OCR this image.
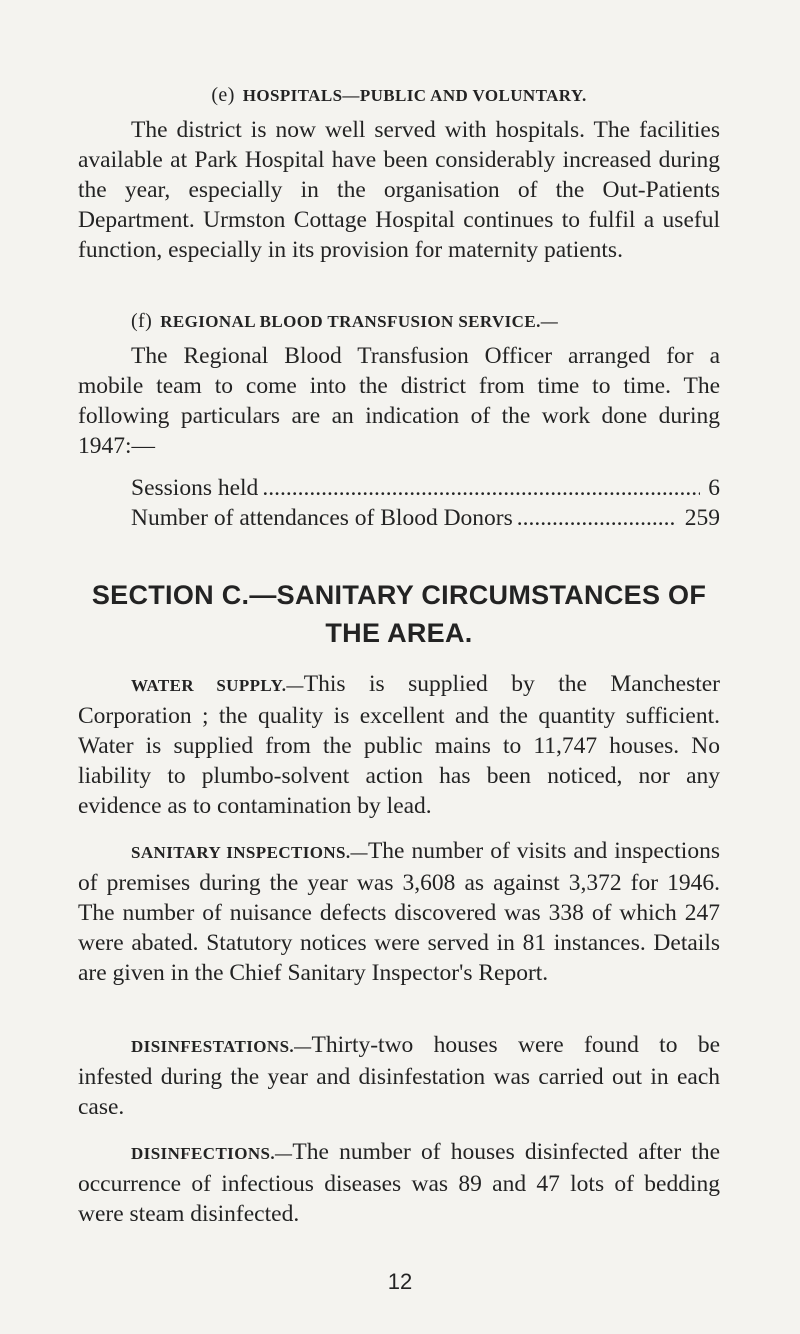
(e) HOSPITALS—PUBLIC AND VOLUNTARY.

The district is now well served with hospitals. The facilities available at Park Hospital have been considerably increased during the year, especially in the organisation of the Out-Patients Department. Urmston Cottage Hospital continues to fulfil a useful function, especially in its provision for maternity patients.

(f) REGIONAL BLOOD TRANSFUSION SERVICE.—

The Regional Blood Transfusion Officer arranged for a mobile team to come into the district from time to time. The following particulars are an indication of the work done during 1947:—

Sessions held .....	6
Number of attendances of Blood Donors .....	259

SECTION C.—SANITARY CIRCUMSTANCES OF

THE AREA.

WATER SUPPLY.—This is supplied by the Manchester Corporation ; the quality is excellent and the quantity sufficient. Water is supplied from the public mains to 11,747 houses. No liability to plumbo-solvent action has been noticed, nor any evidence as to contamination by lead.

SANITARY INSPECTIONS.—The number of visits and inspections of premises during the year was 3,608 as against 3,372 for 1946. The number of nuisance defects discovered was 338 of which 247 were abated. Statutory notices were served in 81 instances. Details are given in the Chief Sanitary Inspector's Report.

DISINFESTATIONS.—Thirty-two houses were found to be infested during the year and disinfestation was carried out in each case.

DISINFECTIONS.—The number of houses disinfected after the occurrence of infectious diseases was 89 and 47 lots of bedding were steam disinfected.

12
